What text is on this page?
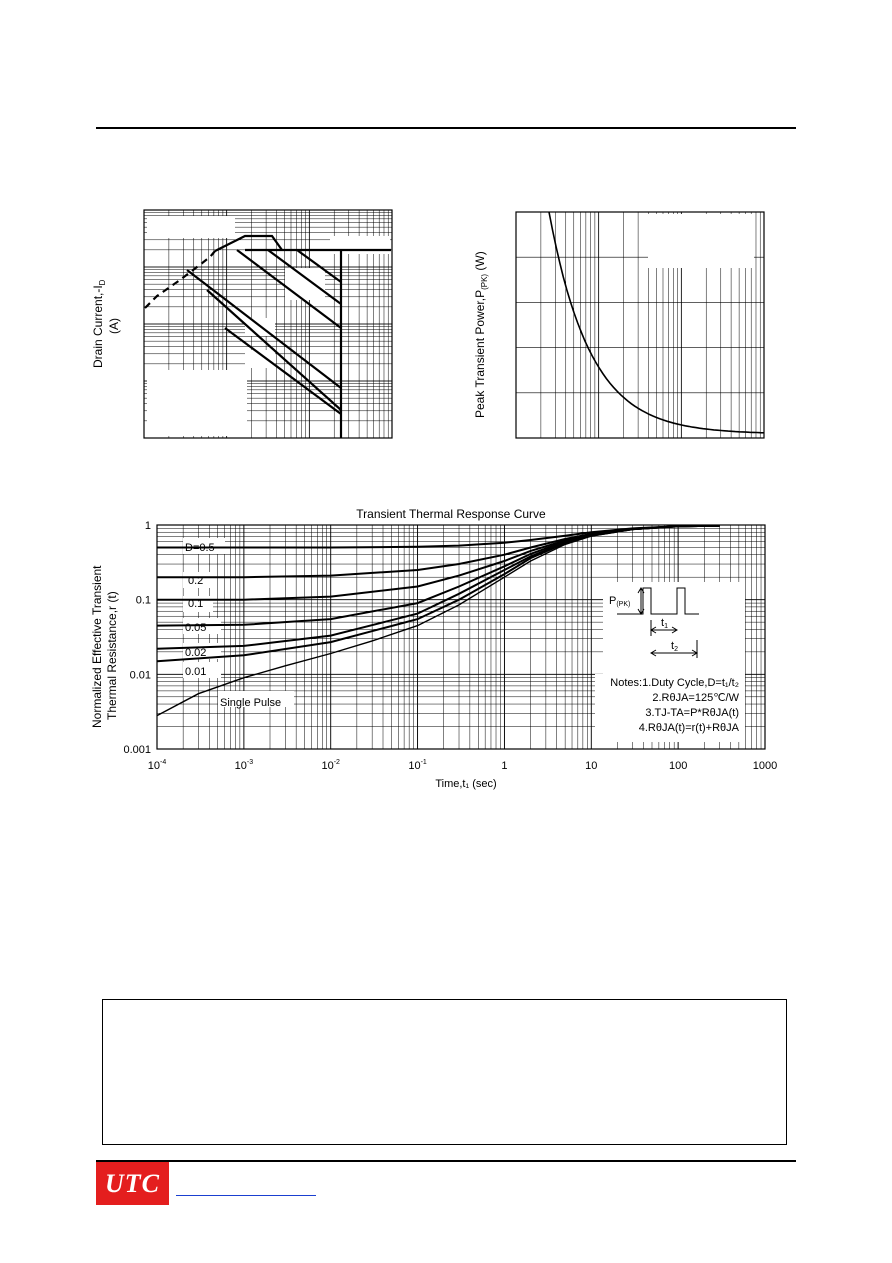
Drain $Current,-I_D$
(A)	Peak Transient $Power,P_{(PK)}$ (W)
Transient Thermal Response Curve
D=0.5
0.2
0.1
0.05
0.02
0.01
Single Pulse
P(PK)
t1
t2
Notes:1.Duty Cycle,D=t₁/t₂
2.RθJA=125℃/W
3.TJ-TA=P*RθJA(t)
4.RθJA(t)=r(t)+RθJA
$10^{-4}$	$10^{-3}$	$10^{-2}$	$10^{-1}$	1	10	100	1000
1
0.1
0.01
0.001
Time,t₁ (sec)
Normalized Effective Transient Thermal Resistance,r (t)
UTC
